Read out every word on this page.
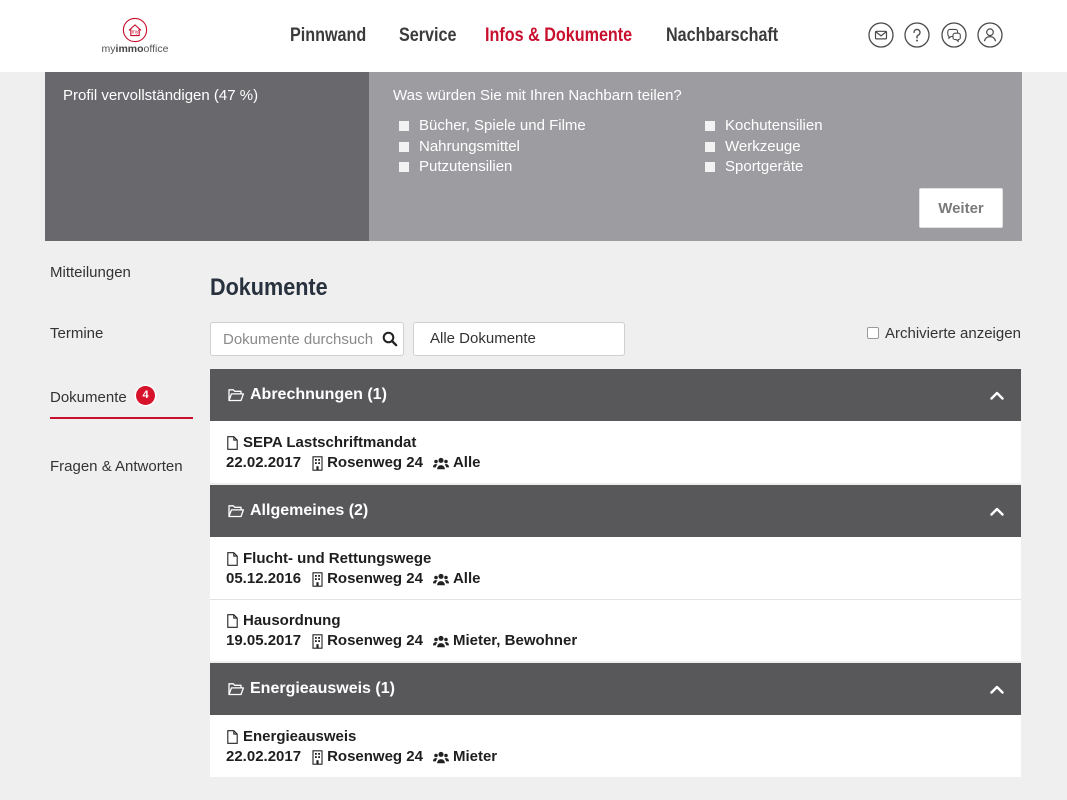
my
myimmooffice
Pinnwand Service Infos & Dokumente Nachbarschaft
Profil vervollständigen (47 %)	Was würden Sie mit Ihren Nachbarn teilen?
Bücher, Spiele und Filme
Nahrungsmittel
Putzutensilien
Kochutensilien
Werkzeuge
Sportgeräte
Weiter
Mitteilungen
Termine
Dokumente	4
Fragen & Antworten
Dokumente
Dokumente durchsuch
Alle Dokumente	Archivierte anzeigen
Abrechnungen (1)
SEPA Lastschriftmandat
22.02.2017 Rosenweg 24 Alle
Allgemeines (2)
Flucht- und Rettungswege
05.12.2016 Rosenweg 24 Alle
Hausordnung
19.05.2017 Rosenweg 24 Mieter, Bewohner
Energieausweis (1)
Energieausweis
22.02.2017 Rosenweg 24 Mieter
